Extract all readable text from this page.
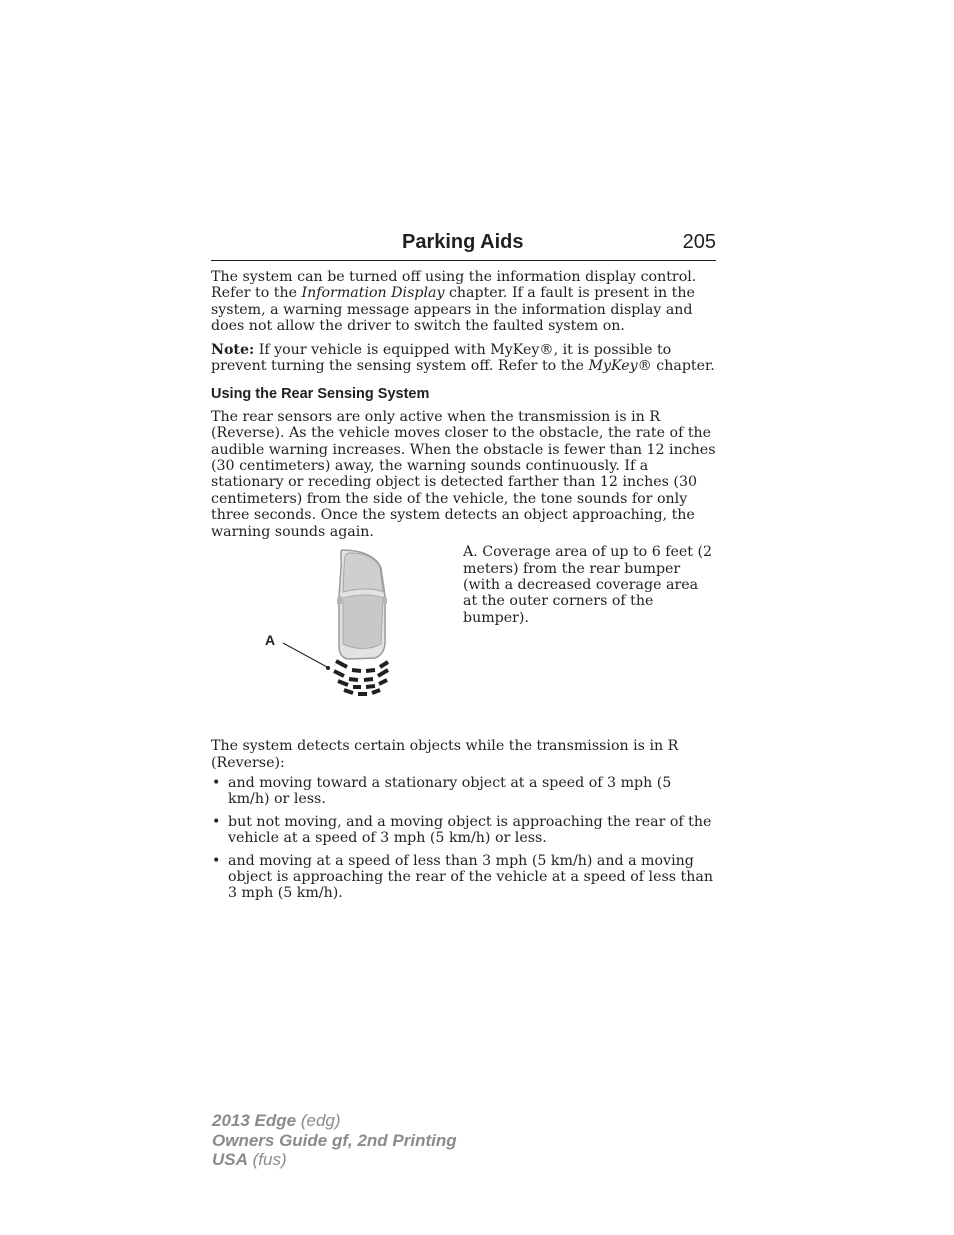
Parking Aids	205

The system can be turned off using the information display control. Refer to the Information Display chapter. If a fault is present in the system, a warning message appears in the information display and does not allow the driver to switch the faulted system on.

Note: If your vehicle is equipped with MyKey®, it is possible to prevent turning the sensing system off. Refer to the MyKey® chapter.

Using the Rear Sensing System

The rear sensors are only active when the transmission is in R (Reverse). As the vehicle moves closer to the obstacle, the rate of the audible warning increases. When the obstacle is fewer than 12 inches (30 centimeters) away, the warning sounds continuously. If a stationary or receding object is detected farther than 12 inches (30 centimeters) from the side of the vehicle, the tone sounds for only three seconds. Once the system detects an object approaching, the warning sounds again.

A

A. Coverage area of up to 6 feet (2 meters) from the rear bumper (with a decreased coverage area at the outer corners of the bumper).

The system detects certain objects while the transmission is in R (Reverse):

• and moving toward a stationary object at a speed of 3 mph (5 km/h) or less.
• but not moving, and a moving object is approaching the rear of the vehicle at a speed of 3 mph (5 km/h) or less.
• and moving at a speed of less than 3 mph (5 km/h) and a moving object is approaching the rear of the vehicle at a speed of less than 3 mph (5 km/h).
2013 Edge (edg)
Owners Guide gf, 2nd Printing
USA (fus)
